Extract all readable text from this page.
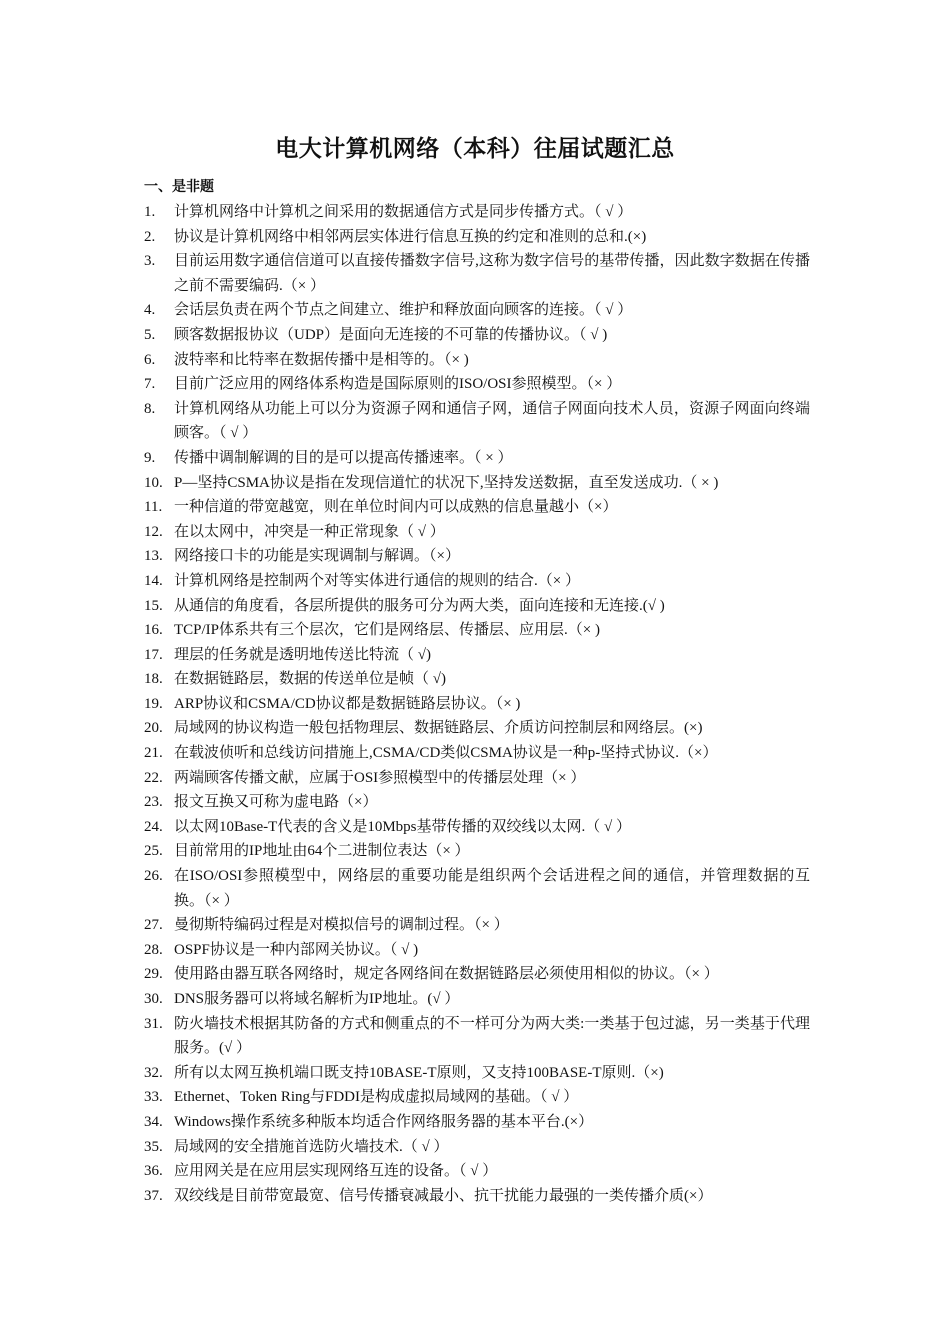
电大计算机网络（本科）往届试题汇总
一、是非题
1.	计算机网络中计算机之间采用的数据通信方式是同步传播方式。（ √ ）
2.	协议是计算机网络中相邻两层实体进行信息互换的约定和准则的总和.(×)
3.	目前运用数字通信信道可以直接传播数字信号,这称为数字信号的基带传播，因此数字数据在传播之前不需要编码.（× ）
4.	会话层负责在两个节点之间建立、维护和释放面向顾客的连接。（ √ ）
5.	顾客数据报协议（UDP）是面向无连接的不可靠的传播协议。（ √ )
6.	波特率和比特率在数据传播中是相等的。（× )
7.	目前广泛应用的网络体系构造是国际原则的ISO/OSI参照模型。（× ）
8.	计算机网络从功能上可以分为资源子网和通信子网，通信子网面向技术人员，资源子网面向终端顾客。（ √ ）
9.	传播中调制解调的目的是可以提高传播速率。（ × ）
10. P—坚持CSMA协议是指在发现信道忙的状况下,坚持发送数据，直至发送成功.（ × )
11. 一种信道的带宽越宽，则在单位时间内可以成熟的信息量越小（×）
12. 在以太网中，冲突是一种正常现象（ √ ）
13. 网络接口卡的功能是实现调制与解调。（×）
14. 计算机网络是控制两个对等实体进行通信的规则的结合.（× ）
15. 从通信的角度看，各层所提供的服务可分为两大类，面向连接和无连接.(√ )
16. TCP/IP体系共有三个层次，它们是网络层、传播层、应用层.（× )
17. 理层的任务就是透明地传送比特流（ √)
18. 在数据链路层，数据的传送单位是帧（ √)
19. ARP协议和CSMA/CD协议都是数据链路层协议。（× )
20. 局域网的协议构造一般包括物理层、数据链路层、介质访问控制层和网络层。(×)
21. 在载波侦听和总线访问措施上,CSMA/CD类似CSMA协议是一种p-坚持式协议.（×）
22. 两端顾客传播文献，应属于OSI参照模型中的传播层处理（× ）
23. 报文互换又可称为虚电路（×）
24. 以太网10Base-T代表的含义是10Mbps基带传播的双绞线以太网.（ √ ）
25. 目前常用的IP地址由64个二进制位表达（× ）
26. 在ISO/OSI参照模型中，网络层的重要功能是组织两个会话进程之间的通信，并管理数据的互换。（× ）
27. 曼彻斯特编码过程是对模拟信号的调制过程。（× ）
28. OSPF协议是一种内部网关协议。（ √ )
29. 使用路由器互联各网络时，规定各网络间在数据链路层必须使用相似的协议。（× ）
30. DNS服务器可以将域名解析为IP地址。(√ ）
31. 防火墙技术根据其防备的方式和侧重点的不一样可分为两大类:一类基于包过滤，另一类基于代理服务。(√ ）
32. 所有以太网互换机端口既支持10BASE-T原则，又支持100BASE-T原则.（×)
33. Ethernet、Token Ring与FDDI是构成虚拟局域网的基础。（ √ ）
34. Windows操作系统多种版本均适合作网络服务器的基本平台.(×）
35. 局域网的安全措施首选防火墙技术.（ √ ）
36. 应用网关是在应用层实现网络互连的设备。（ √ ）
37. 双绞线是目前带宽最宽、信号传播衰减最小、抗干扰能力最强的一类传播介质(×）
